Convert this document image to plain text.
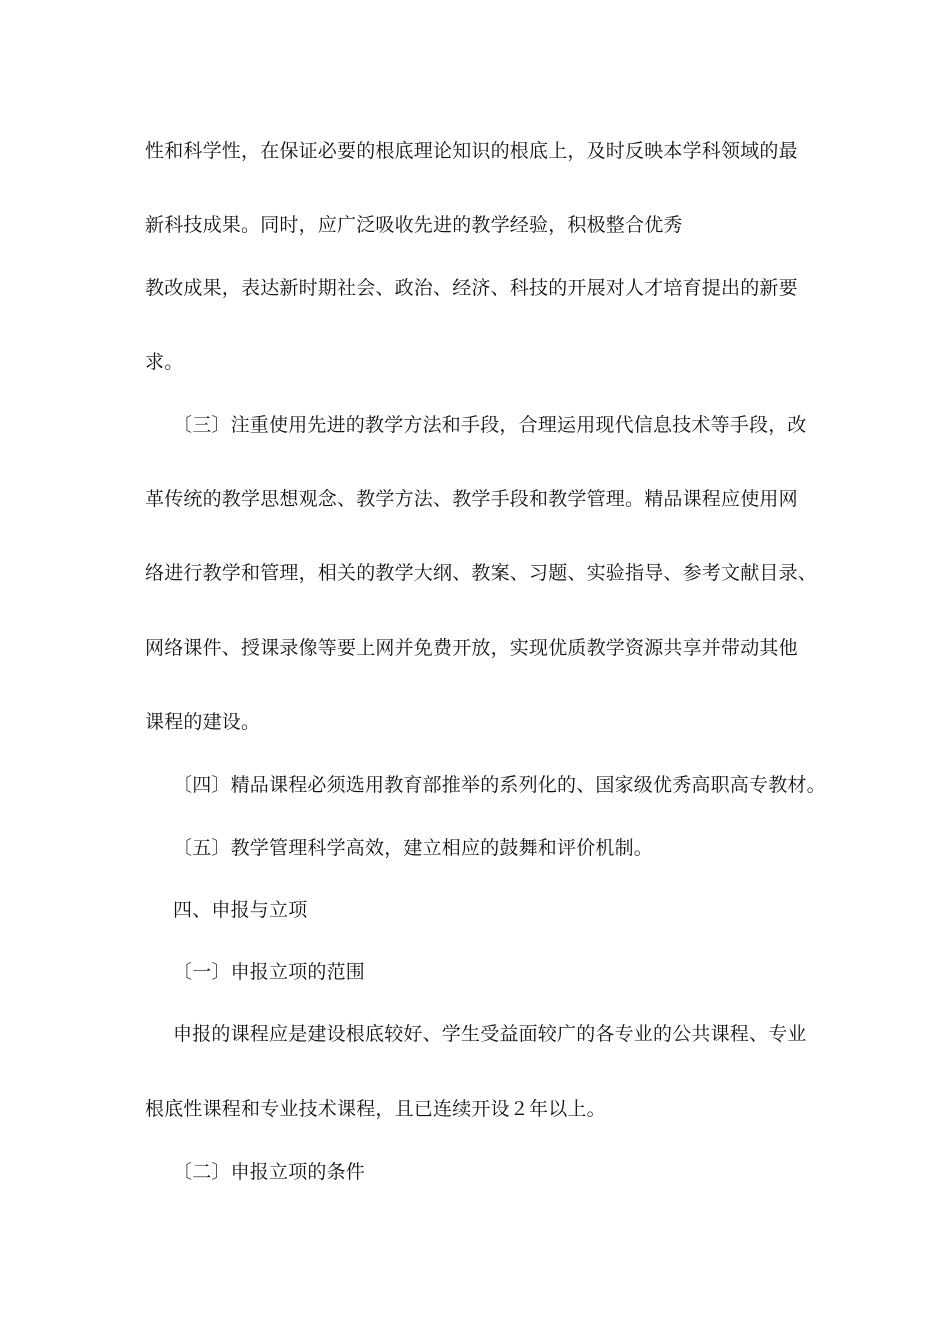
性和科学性，在保证必要的根底理论知识的根底上，及时反映本学科领域的最
新科技成果。同时，应广泛吸收先进的教学经验，积极整合优秀
教改成果，表达新时期社会、政治、经济、科技的开展对人才培育提出的新要
求。
〔三〕注重使用先进的教学方法和手段，合理运用现代信息技术等手段，改
革传统的教学思想观念、教学方法、教学手段和教学管理。精品课程应使用网
络进行教学和管理，相关的教学大纲、教案、习题、实验指导、参考文献目录、
网络课件、授课录像等要上网并免费开放，实现优质教学资源共享并带动其他
课程的建设。
〔四〕精品课程必须选用教育部推举的系列化的、国家级优秀高职高专教材。
〔五〕教学管理科学高效，建立相应的鼓舞和评价机制。
四、申报与立项
〔一〕申报立项的范围
申报的课程应是建设根底较好、学生受益面较广的各专业的公共课程、专业
根底性课程和专业技术课程，且已连续开设２年以上。
〔二〕申报立项的条件
